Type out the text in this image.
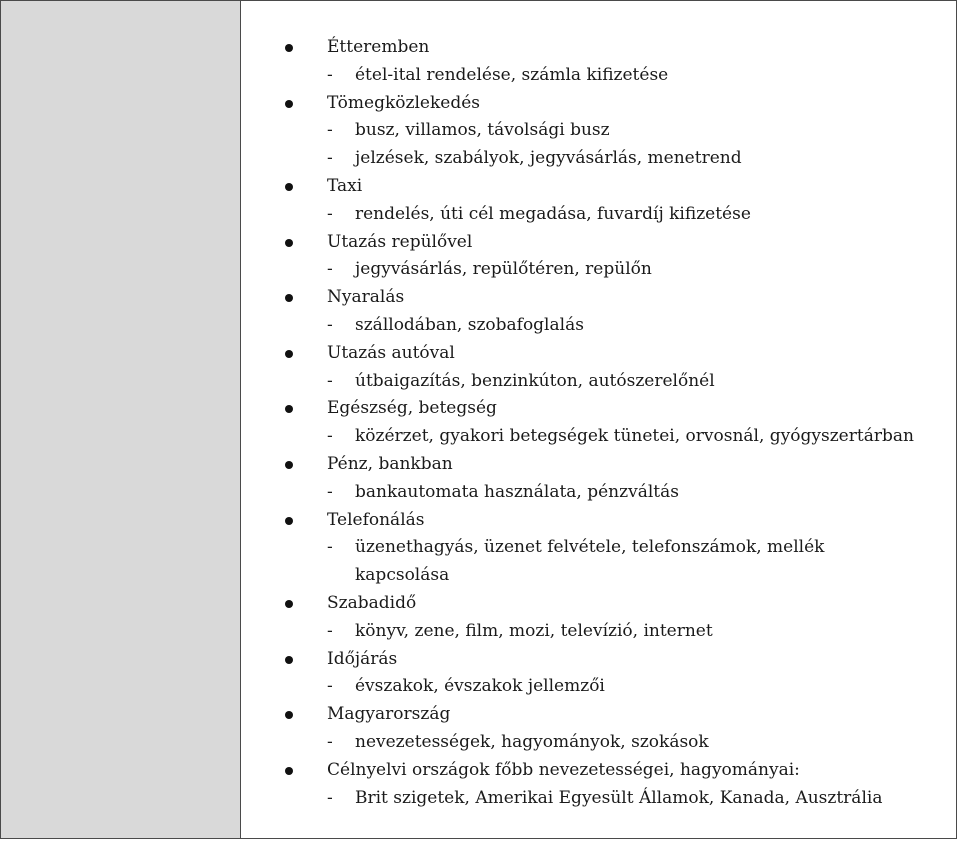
Étteremben
- étel-ital rendelése, számla kifizetése
Tömegközlekedés
- busz, villamos, távolsági busz
- jelzések, szabályok, jegyvásárlás, menetrend
Taxi
- rendelés, úti cél megadása, fuvardíj kifizetése
Utazás repülővel
- jegyvásárlás, repülőtéren, repülőn
Nyaralás
- szállodában, szobafoglalás
Utazás autóval
- útbaigazítás, benzinkúton, autószerelőnél
Egészség, betegség
- közérzet, gyakori betegségek tünetei, orvosnál, gyógyszertárban
Pénz, bankban
- bankautomata használata, pénzváltás
Telefonálás
- üzenethagyás, üzenet felvétele, telefonszámok, mellék
kapcsolása
Szabadidő
- könyv, zene, film, mozi, televízió, internet
Időjárás
- évszakok, évszakok jellemzői
Magyarország
- nevezetességek, hagyományok, szokások
Célnyelvi országok főbb nevezetességei, hagyományai:
- Brit szigetek, Amerikai Egyesült Államok, Kanada, Ausztrália
